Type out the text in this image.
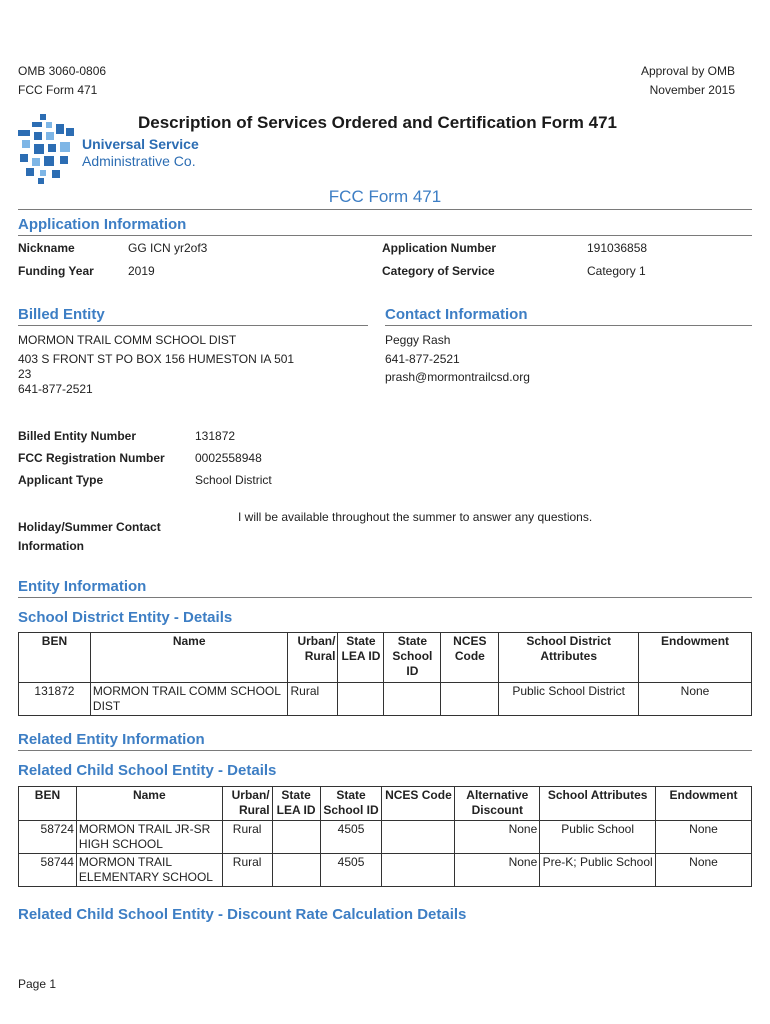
OMB 3060-0806
FCC Form 471
Approval by OMB
November 2015
Description of Services Ordered and Certification Form 471
Universal Service
Administrative Co.
FCC Form 471
Application Information
Nickname	GG ICN yr2of3	Application Number	191036858
Funding Year	2019	Category of Service	Category 1
Billed Entity
MORMON TRAIL COMM SCHOOL DIST
403 S FRONT ST PO BOX 156 HUMESTON IA 501
23
641-877-2521
Contact Information
Peggy Rash
641-877-2521
prash@mormontrailcsd.org
Billed Entity Number	131872
FCC Registration Number	0002558948
Applicant Type	School District
Holiday/Summer Contact
Information
I will be available throughout the summer to answer any questions.
Entity Information
School District Entity - Details
BEN	Name	Urban/ Rural	State LEA ID	State School ID	NCES Code	School District Attributes	Endowment
131872	MORMON TRAIL COMM SCHOOL DIST	Rural				Public School District	None
Related Entity Information
Related Child School Entity - Details
BEN	Name	Urban/ Rural	State LEA ID	State School ID	NCES Code	Alternative Discount	School Attributes	Endowment
58724	MORMON TRAIL JR-SR HIGH SCHOOL	Rural		4505		None	Public School	None
58744	MORMON TRAIL ELEMENTARY SCHOOL	Rural		4505		None	Pre-K; Public School	None
Related Child School Entity - Discount Rate Calculation Details
Page 1
